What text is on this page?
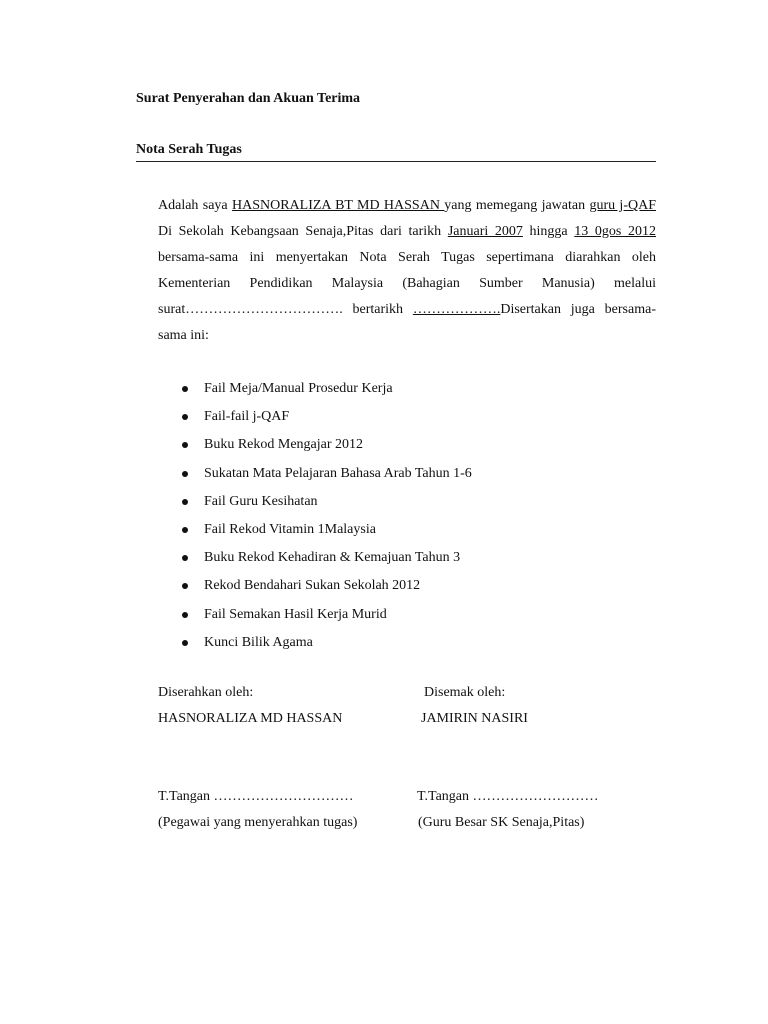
Surat Penyerahan dan Akuan Terima
Nota Serah Tugas

Adalah saya HASNORALIZA BT MD HASSAN yang memegang jawatan guru j-QAF Di Sekolah Kebangsaan Senaja,Pitas dari tarikh Januari 2007 hingga 13 0gos 2012 bersama-sama ini menyertakan Nota Serah Tugas sepertimana diarahkan oleh Kementerian Pendidikan Malaysia (Bahagian Sumber Manusia) melalui surat……………………………. bertarikh ……………….Disertakan juga bersama-sama ini:

Fail Meja/Manual Prosedur Kerja
Fail-fail j-QAF
Buku Rekod Mengajar 2012
Sukatan Mata Pelajaran Bahasa Arab Tahun 1-6
Fail Guru Kesihatan
Fail Rekod Vitamin 1Malaysia
Buku Rekod Kehadiran & Kemajuan Tahun 3
Rekod Bendahari Sukan Sekolah 2012
Fail Semakan Hasil Kerja Murid
Kunci Bilik Agama
Diserahkan oleh:
HASNORALIZA MD HASSAN
T.Tangan …………………………
(Pegawai yang menyerahkan tugas)
Disemak oleh:
JAMIRIN NASIRI
T.Tangan ………………………
(Guru Besar SK Senaja,Pitas)
